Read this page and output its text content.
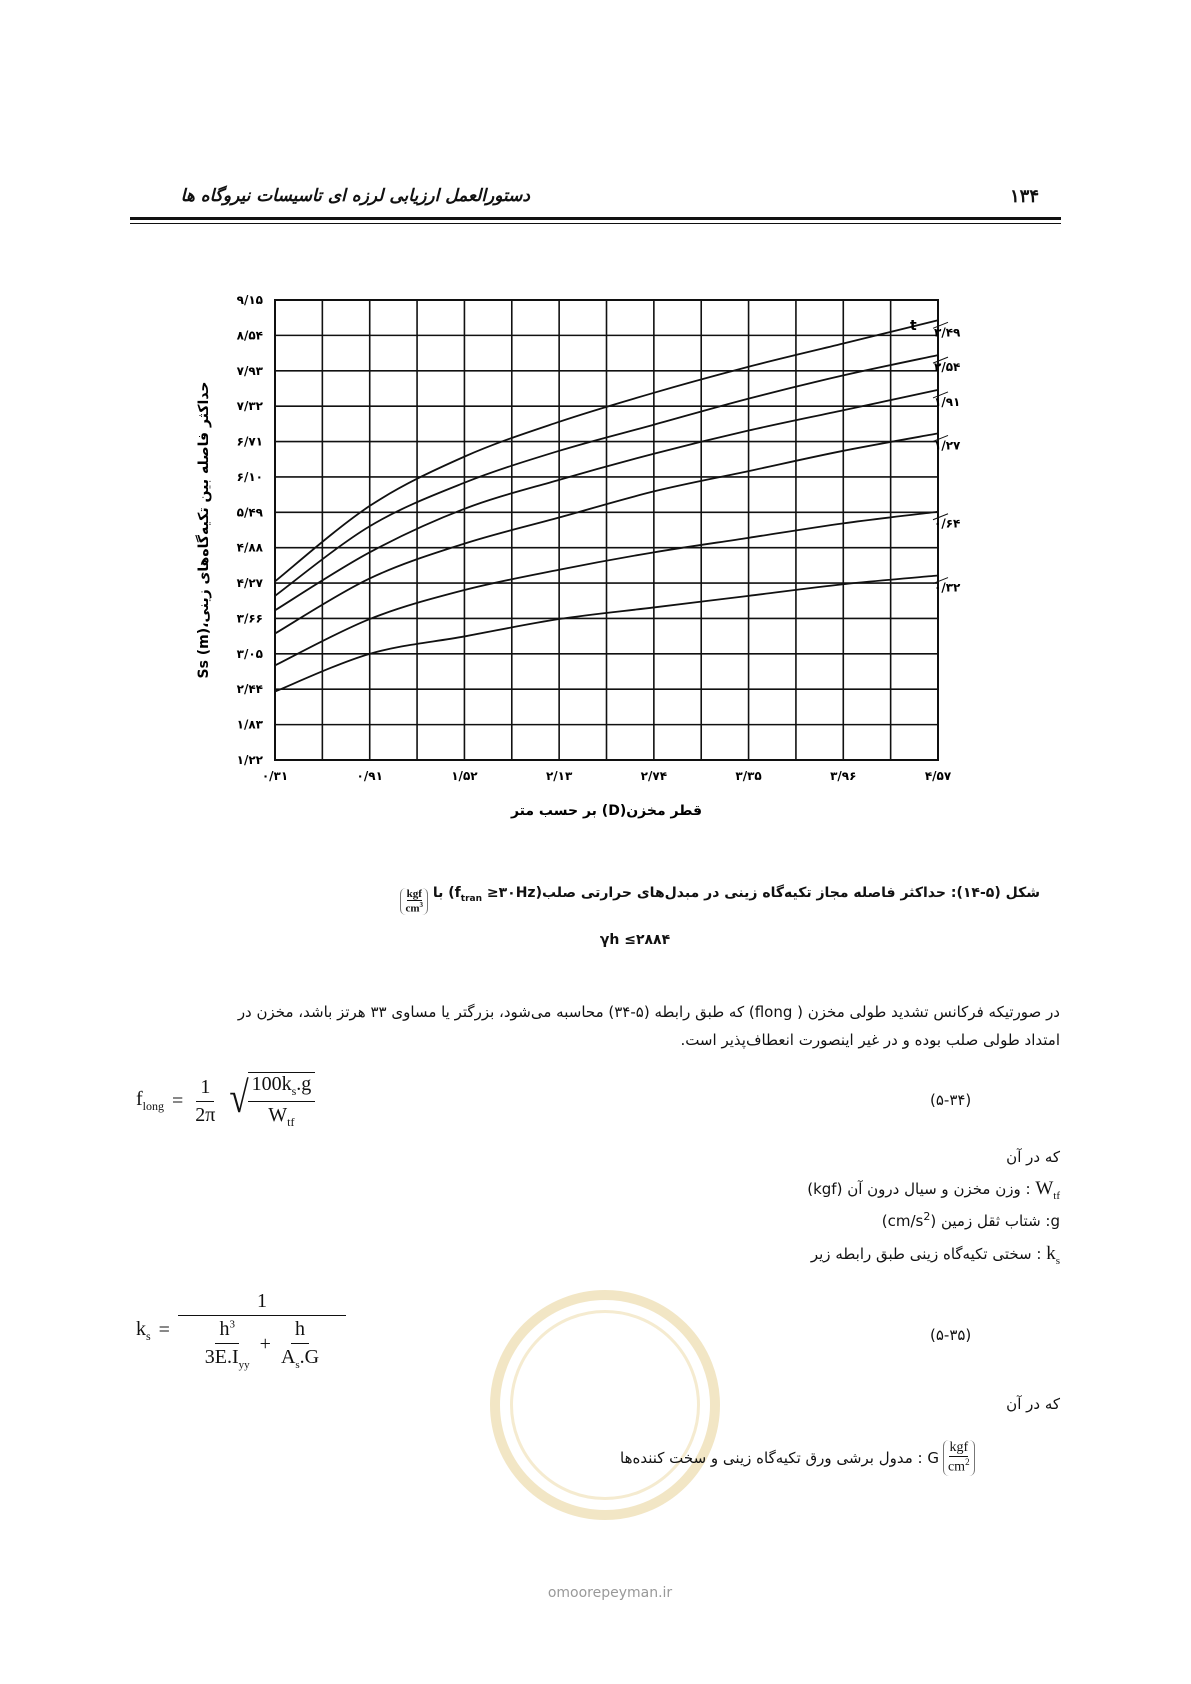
دستورالعمل ارزیابی لرزه ای تاسیسات نیروگاه ها	۱۳۴
۱/۲۲
۱/۸۳
۲/۴۴
۳/۰۵
۳/۶۶
۴/۲۷
۴/۸۸
۵/۴۹
۶/۱۰
۶/۷۱
۷/۳۲
۷/۹۳
۸/۵۴
۹/۱۵
۰/۳۱	۰/۹۱	۱/۵۲	۲/۱۳	۲/۷۴	۳/۳۵	۳/۹۶	۴/۵۷
۳/۴۹
۲/۵۴
۱/۹۱
۱/۲۷
۰/۶۴
۰/۳۲
t
حداکثر فاصله بین تکیه‌گاه‌های زینی،Ss (m)
قطر مخزن(D) بر حسب متر
شکل (۵-۱۴): حداکثر فاصله مجاز تکیه‌گاه زینی در مبدل‌های حرارتی $صلب(f_{tran}$ ≥۳۰Hz) با
$\frac{\text{kgf}}{cm^3}$
γh ≤۲۸۸۴
در صورتیکه فرکانس تشدید طولی مخزن ( flong) که طبق رابطه (۵-۳۴) محاسبه می‌شود، بزرگتر یا مساوی ۳۳ هرتز باشد، مخزن در
امتداد طولی صلب بوده و در غیر اینصورت انعطاف‌پذیر است.
$f_{long} = \frac{1}{2\pi}$ √
$\frac{100k_s.g}{W_{tf}}$	(۵-۳۴)
که در آن
$W_{tf}$ : وزن مخزن و سیال درون آن (kgf)
g: شتاب ثقل زمین $(cm/s^2)$
$k_s$ : سختی تکیه‌گاه زینی طبق رابطه زیر
omoorepeyman.ir
$k_s = \frac{1}{\frac{h^3}{3E.I_{yy}} + \frac{h}{A_s.G}}$	(۵-۳۵)
که در آن
G : مدول برشی ورق تکیه‌گاه زینی و سخت کننده‌ها $\frac{\text{kgf}}{cm^2}$
